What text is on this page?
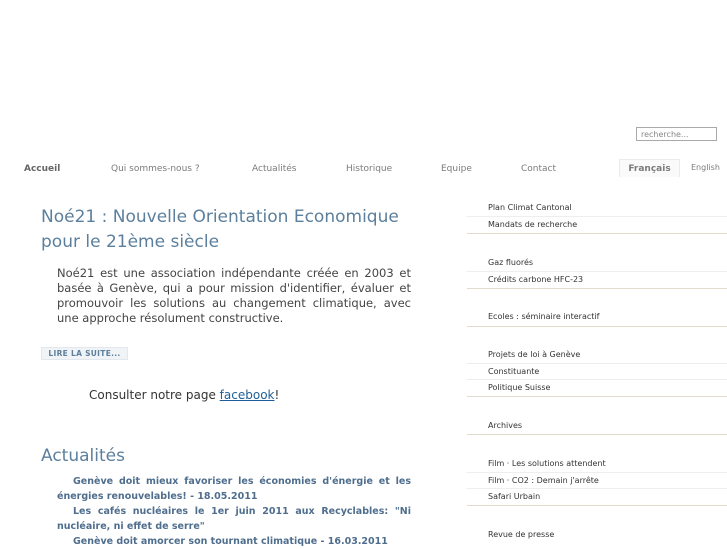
recherche...
Accueil	Qui sommes-nous ?	Actualités	Historique	Equipe	Contact	Français	English
Noé21 : Nouvelle Orientation Economique pour le 21ème siècle

Noé21 est une association indépendante créée en 2003 et basée à Genève, qui a pour mission d'identifier, évaluer et promouvoir les solutions au changement climatique, avec une approche résolument constructive.

LIRE LA SUITE...

Consulter notre page facebook!

Actualités
Genève doit mieux favoriser les économies d'énergie et les énergies renouvelables! - 18.05.2011
Les cafés nucléaires le 1er juin 2011 aux Recyclables: "Ni nucléaire, ni effet de serre"
Genève doit amorcer son tournant climatique - 16.03.2011
Plan Climat Cantonal
Mandats de recherche
Gaz fluorés
Crédits carbone HFC-23
Ecoles : séminaire interactif
Projets de loi à Genève
Constituante
Politique Suisse
Archives
Film · Les solutions attendent
Film · CO2 : Demain j'arrête
Safari Urbain
Revue de presse
